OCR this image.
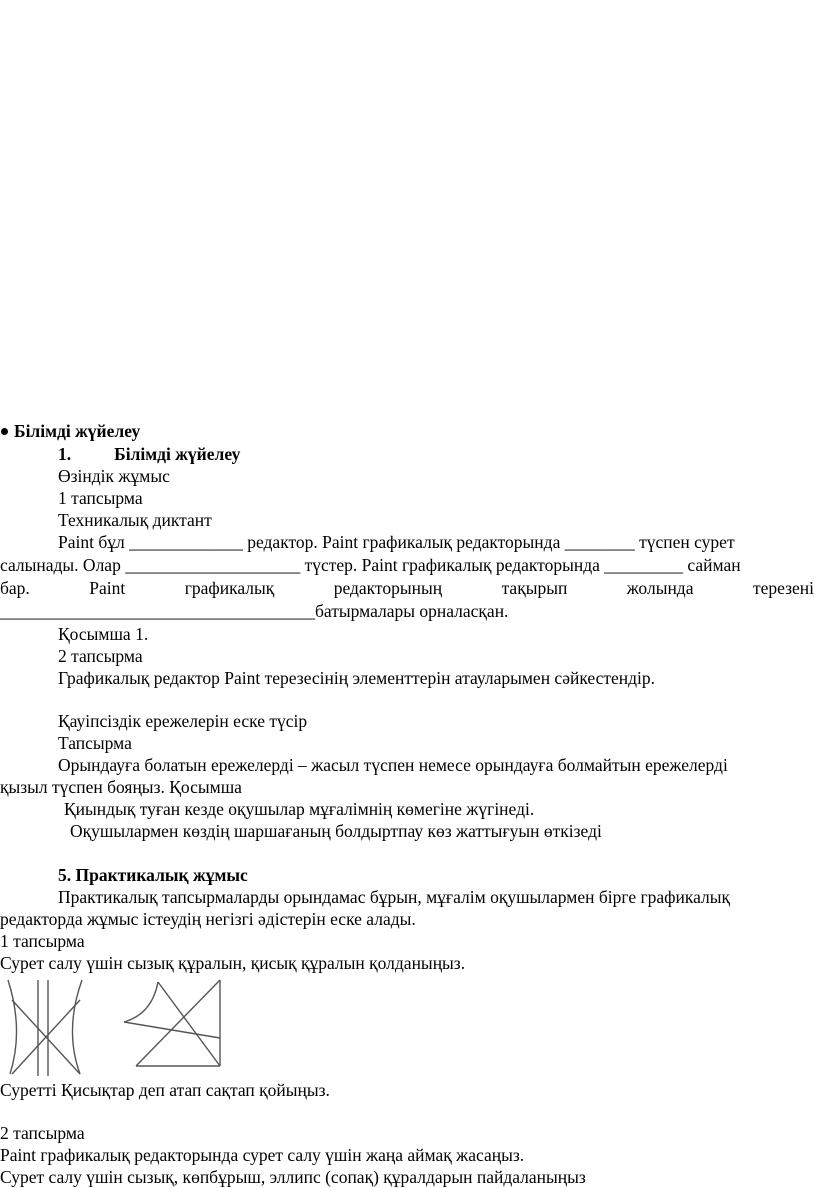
Білімді жүйелеу
1. Білімді жүйелеу
Өзіндік жұмыс
1 тапсырма
Техникалық диктант
Paint бұл _____________ редактор. Paint графикалық редакторында ________ түспен сурет
салынады. Олар ____________________ түстер. Paint графикалық редакторында _________ сайман
бар.	Paint	графикалық	редакторының	тақырып	жолында	терезені
____________________________________батырмалары орналасқан.
Қосымша 1.
2 тапсырма
Графикалық редактор Paint терезесінің элементтерін атауларымен сәйкестендір.
Қауіпсіздік ережелерін еске түсір
Тапсырма
Орындауға болатын ережелерді – жасыл түспен немесе орындауға болмайтын ережелерді
қызыл түспен бояңыз. Қосымша
Қиындық туған кезде оқушылар мұғалімнің көмегіне жүгінеді.
Оқушылармен көздің шаршағаның болдыртпау көз жаттығуын өткізеді
5. Практикалық жұмыс
Практикалық тапсырмаларды орындамас бұрын, мұғалім оқушылармен бірге графикалық
редакторда жұмыс істеудің негізгі әдістерін еске алады.
1 тапсырма
Сурет салу үшін сызық құралын, қисық құралын қолданыңыз.
Суретті Қисықтар деп атап сақтап қойыңыз.
2 тапсырма
Paint графикалық редакторында сурет салу үшін жаңа аймақ жасаңыз.
Сурет салу үшін сызық, көпбұрыш, эллипс (сопақ) құралдарын пайдаланыңыз
